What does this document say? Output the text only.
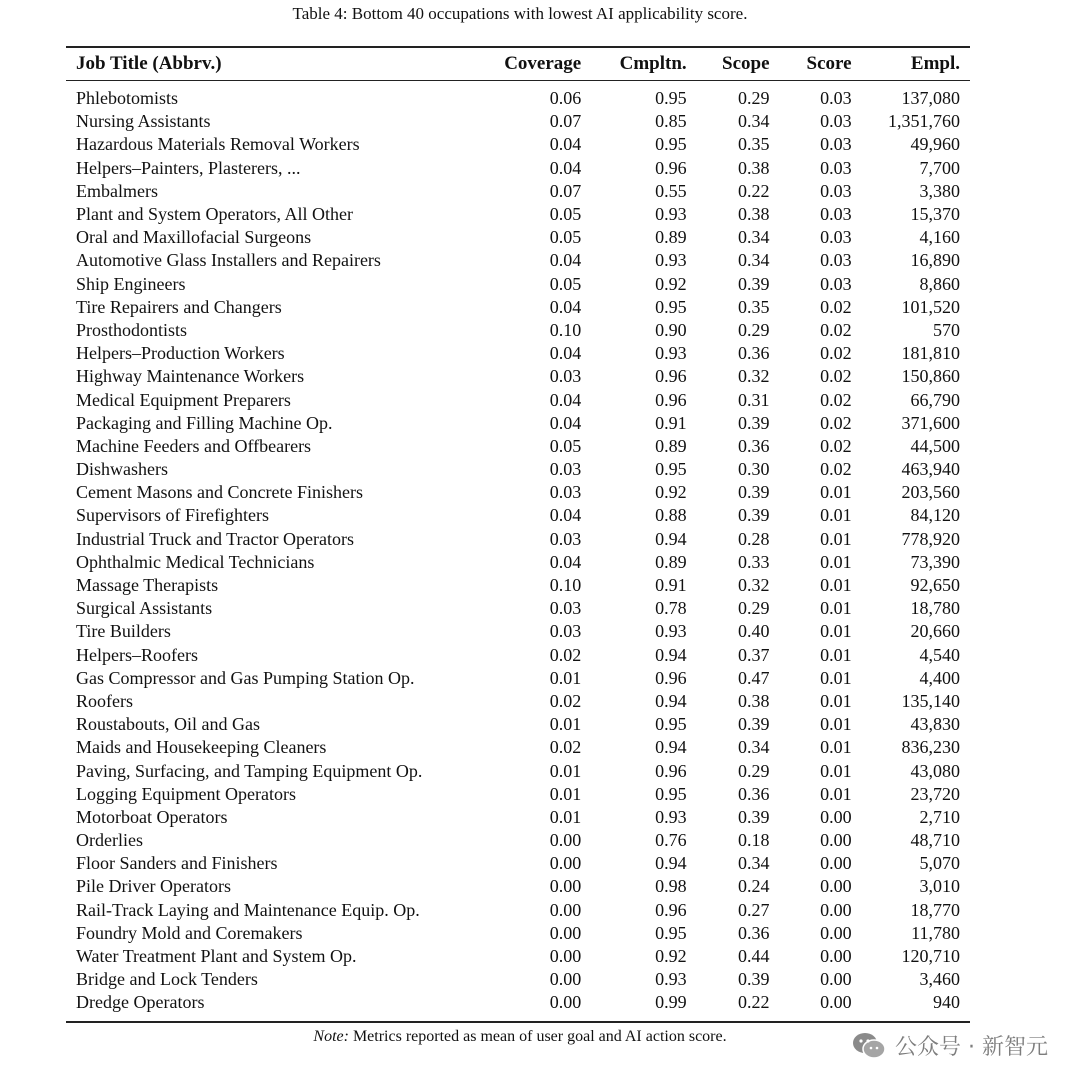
Table 4: Bottom 40 occupations with lowest AI applicability score.
Job Title (Abbrv.)	Coverage	Cmpltn.	Scope	Score	Empl.
Phlebotomists	0.06	0.95	0.29	0.03	137,080
Nursing Assistants	0.07	0.85	0.34	0.03	1,351,760
Hazardous Materials Removal Workers	0.04	0.95	0.35	0.03	49,960
Helpers–Painters, Plasterers, ...	0.04	0.96	0.38	0.03	7,700
Embalmers	0.07	0.55	0.22	0.03	3,380
Plant and System Operators, All Other	0.05	0.93	0.38	0.03	15,370
Oral and Maxillofacial Surgeons	0.05	0.89	0.34	0.03	4,160
Automotive Glass Installers and Repairers	0.04	0.93	0.34	0.03	16,890
Ship Engineers	0.05	0.92	0.39	0.03	8,860
Tire Repairers and Changers	0.04	0.95	0.35	0.02	101,520
Prosthodontists	0.10	0.90	0.29	0.02	570
Helpers–Production Workers	0.04	0.93	0.36	0.02	181,810
Highway Maintenance Workers	0.03	0.96	0.32	0.02	150,860
Medical Equipment Preparers	0.04	0.96	0.31	0.02	66,790
Packaging and Filling Machine Op.	0.04	0.91	0.39	0.02	371,600
Machine Feeders and Offbearers	0.05	0.89	0.36	0.02	44,500
Dishwashers	0.03	0.95	0.30	0.02	463,940
Cement Masons and Concrete Finishers	0.03	0.92	0.39	0.01	203,560
Supervisors of Firefighters	0.04	0.88	0.39	0.01	84,120
Industrial Truck and Tractor Operators	0.03	0.94	0.28	0.01	778,920
Ophthalmic Medical Technicians	0.04	0.89	0.33	0.01	73,390
Massage Therapists	0.10	0.91	0.32	0.01	92,650
Surgical Assistants	0.03	0.78	0.29	0.01	18,780
Tire Builders	0.03	0.93	0.40	0.01	20,660
Helpers–Roofers	0.02	0.94	0.37	0.01	4,540
Gas Compressor and Gas Pumping Station Op.	0.01	0.96	0.47	0.01	4,400
Roofers	0.02	0.94	0.38	0.01	135,140
Roustabouts, Oil and Gas	0.01	0.95	0.39	0.01	43,830
Maids and Housekeeping Cleaners	0.02	0.94	0.34	0.01	836,230
Paving, Surfacing, and Tamping Equipment Op.	0.01	0.96	0.29	0.01	43,080
Logging Equipment Operators	0.01	0.95	0.36	0.01	23,720
Motorboat Operators	0.01	0.93	0.39	0.00	2,710
Orderlies	0.00	0.76	0.18	0.00	48,710
Floor Sanders and Finishers	0.00	0.94	0.34	0.00	5,070
Pile Driver Operators	0.00	0.98	0.24	0.00	3,010
Rail-Track Laying and Maintenance Equip. Op.	0.00	0.96	0.27	0.00	18,770
Foundry Mold and Coremakers	0.00	0.95	0.36	0.00	11,780
Water Treatment Plant and System Op.	0.00	0.92	0.44	0.00	120,710
Bridge and Lock Tenders	0.00	0.93	0.39	0.00	3,460
Dredge Operators	0.00	0.99	0.22	0.00	940
Note: Metrics reported as mean of user goal and AI action score.	公众号 · 新智元
